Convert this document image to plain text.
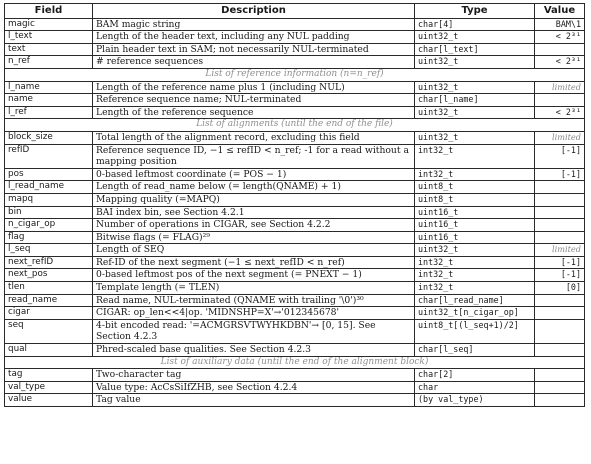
Field	Description	Type	Value
magic	BAM magic string	char[4]	BAM\1
l_text	Length of the header text, including any NUL padding	uint32_t	< 2³¹
text	Plain header text in SAM; not necessarily NUL-terminated	char[l_text]	
n_ref	# reference sequences	uint32_t	< 2³¹
List of reference information (n=n_ref)			
l_name	Length of the reference name plus 1 (including NUL)	uint32_t	limited
name	Reference sequence name; NUL-terminated	char[l_name]	
l_ref	Length of the reference sequence	uint32_t	< 2³¹
List of alignments (until the end of the file)			
block_size	Total length of the alignment record, excluding this field	uint32_t	limited
refID	Reference sequence ID, −1 ≤ refID < n_ref; -1 for a read without a mapping position	int32_t	[-1]
pos	0-based leftmost coordinate (= POS − 1)	int32_t	[-1]
l_read_name	Length of read_name below (= length(QNAME) + 1)	uint8_t	
mapq	Mapping quality (=MAPQ)	uint8_t	
bin	BAI index bin, see Section 4.2.1	uint16_t	
n_cigar_op	Number of operations in CIGAR, see Section 4.2.2	uint16_t	
flag	Bitwise flags (= FLAG)²⁹	uint16_t	
l_seq	Length of SEQ	uint32_t	limited
next_refID	Ref-ID of the next segment (−1 ≤ next_refID < n_ref)	int32_t	[-1]
next_pos	0-based leftmost pos of the next segment (= PNEXT − 1)	int32_t	[-1]
tlen	Template length (= TLEN)	int32_t	[0]
read_name	Read name, NUL-terminated (QNAME with trailing '\0')³⁰	char[l_read_name]	
cigar	CIGAR: op_len<<4|op. 'MIDNSHP=X'→'012345678'	uint32_t[n_cigar_op]	
seq	4-bit encoded read: '=ACMGRSVTWYHKDBN'→ [0, 15]. See Section 4.2.3	uint8_t[(l_seq+1)/2]	
qual	Phred-scaled base qualities. See Section 4.2.3	char[l_seq]	
List of auxiliary data (until the end of the alignment block)			
tag	Two-character tag	char[2]	
val_type	Value type: AcCsSiIfZHB, see Section 4.2.4	char	
value	Tag value	(by val_type)	
